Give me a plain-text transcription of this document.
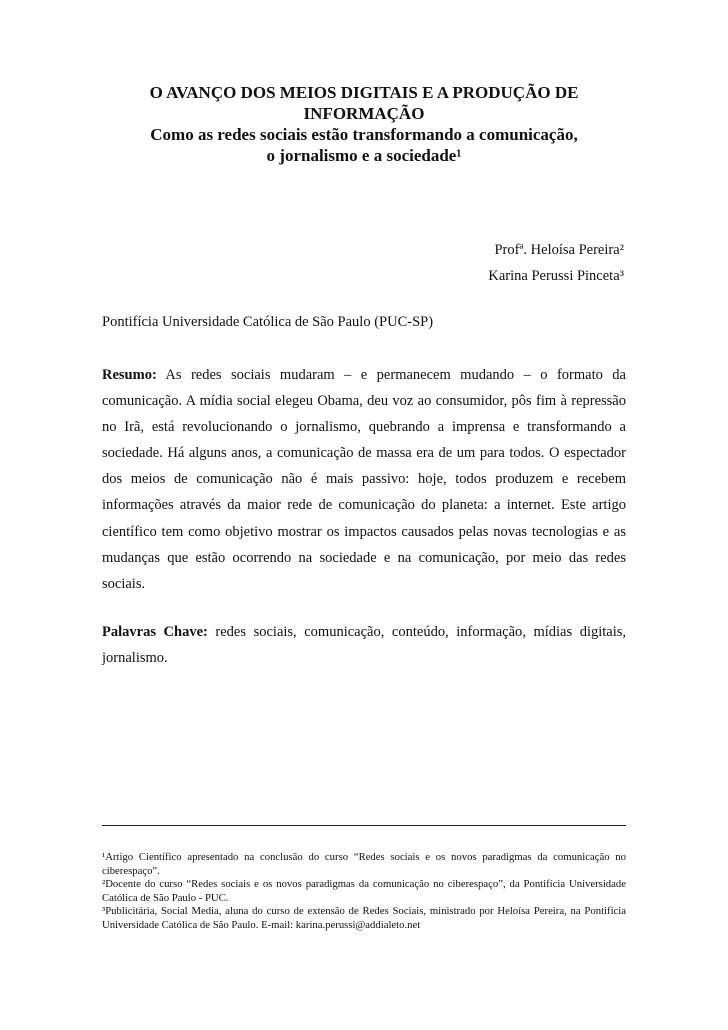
O AVANÇO DOS MEIOS DIGITAIS E A PRODUÇÃO DE
INFORMAÇÃO
Como as redes sociais estão transformando a comunicação,
o jornalismo e a sociedade¹
Profª. Heloísa Pereira²
Karina Perussi Pinceta³
Pontifícia Universidade Católica de São Paulo (PUC-SP)
Resumo: As redes sociais mudaram – e permanecem mudando – o formato da comunicação. A mídia social elegeu Obama, deu voz ao consumidor, pôs fim à repressão no Irã, está revolucionando o jornalismo, quebrando a imprensa e transformando a sociedade. Há alguns anos, a comunicação de massa era de um para todos. O espectador dos meios de comunicação não é mais passivo: hoje, todos produzem e recebem informações através da maior rede de comunicação do planeta: a internet. Este artigo científico tem como objetivo mostrar os impactos causados pelas novas tecnologias e as mudanças que estão ocorrendo na sociedade e na comunicação, por meio das redes sociais.
Palavras Chave: redes sociais, comunicação, conteúdo, informação, mídias digitais, jornalismo.

¹Artigo Científico apresentado na conclusão do curso “Redes sociais e os novos paradigmas da comunicação no ciberespaço”.

²Docente do curso “Redes sociais e os novos paradigmas da comunicação no ciberespaço”, da Pontifícia Universidade Católica de São Paulo - PUC.

³Publicitária, Social Media, aluna do curso de extensão de Redes Sociais, ministrado por Heloísa Pereira, na Pontifícia Universidade Católica de São Paulo. E-mail: karina.perussi@addialeto.net
